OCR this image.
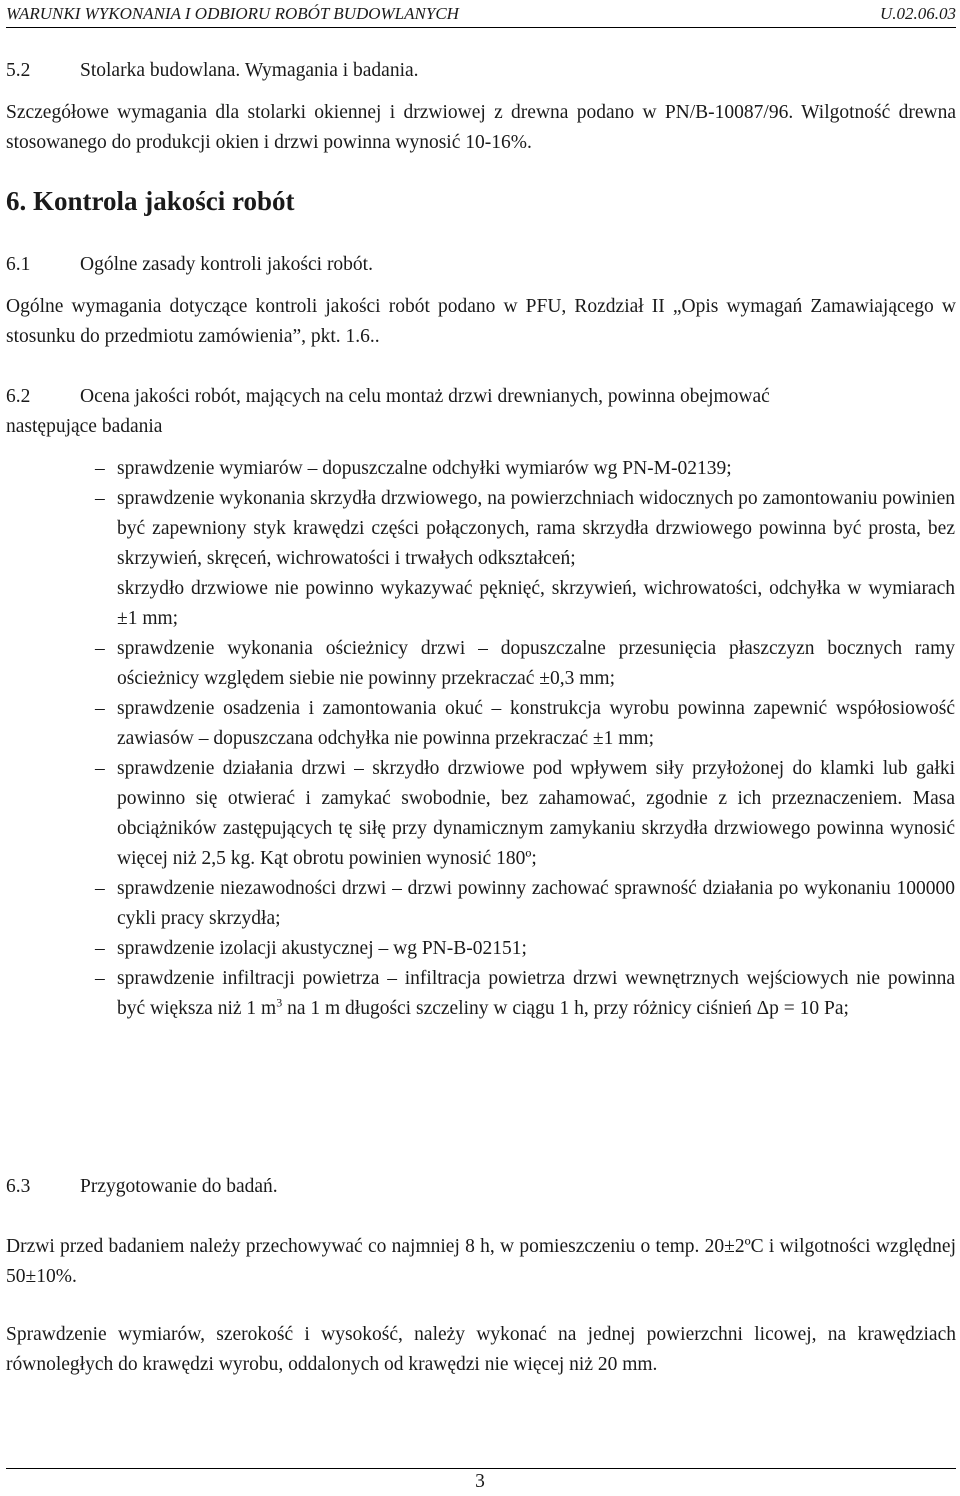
WARUNKI WYKONANIA I ODBIORU ROBÓT BUDOWLANYCH	U.02.06.03
5.2	Stolarka budowlana. Wymagania i badania.
Szczegółowe wymagania dla stolarki okiennej i drzwiowej z drewna podano w PN/B-10087/96. Wilgotność drewna stosowanego do produkcji okien i drzwi powinna wynosić 10-16%.
6. Kontrola jakości robót
6.1	Ogólne zasady kontroli jakości robót.
Ogólne wymagania dotyczące kontroli jakości robót podano w PFU, Rozdział II „Opis wymagań Zamawiającego w stosunku do przedmiotu zamówienia”, pkt. 1.6..
6.2	Ocena jakości robót, mających na celu montaż drzwi drewnianych, powinna obejmować
następujące badania
– sprawdzenie wymiarów – dopuszczalne odchyłki wymiarów wg PN-M-02139;
– sprawdzenie wykonania skrzydła drzwiowego, na powierzchniach widocznych po zamontowaniu powinien być zapewniony styk krawędzi części połączonych, rama skrzydła drzwiowego powinna być prosta, bez skrzywień, skręceń, wichrowatości i trwałych odkształceń;
skrzydło drzwiowe nie powinno wykazywać pęknięć, skrzywień, wichrowatości, odchyłka w wymiarach ±1 mm;
– sprawdzenie wykonania ościeżnicy drzwi – dopuszczalne przesunięcia płaszczyzn bocznych ramy ościeżnicy względem siebie nie powinny przekraczać ±0,3 mm;
– sprawdzenie osadzenia i zamontowania okuć – konstrukcja wyrobu powinna zapewnić współosiowość zawiasów – dopuszczana odchyłka nie powinna przekraczać ±1 mm;
– sprawdzenie działania drzwi – skrzydło drzwiowe pod wpływem siły przyłożonej do klamki lub gałki powinno się otwierać i zamykać swobodnie, bez zahamować, zgodnie z ich przeznaczeniem. Masa obciążników zastępujących tę siłę przy dynamicznym zamykaniu skrzydła drzwiowego powinna wynosić więcej niż 2,5 kg. Kąt obrotu powinien wynosić 180º;
– sprawdzenie niezawodności drzwi – drzwi powinny zachować sprawność działania po wykonaniu 100000 cykli pracy skrzydła;
– sprawdzenie izolacji akustycznej – wg PN-B-02151;
– sprawdzenie infiltracji powietrza – infiltracja powietrza drzwi wewnętrznych wejściowych nie powinna być większa niż 1 $m^3$ na 1 m długości szczeliny w ciągu 1 h, przy różnicy ciśnień Δp = 10 Pa;
6.3	Przygotowanie do badań.
Drzwi przed badaniem należy przechowywać co najmniej 8 h, w pomieszczeniu o temp. 20±2ºC i wilgotności względnej 50±10%.
Sprawdzenie wymiarów, szerokość i wysokość, należy wykonać na jednej powierzchni licowej, na krawędziach równoległych do krawędzi wyrobu, oddalonych od krawędzi nie więcej niż 20 mm.
3
